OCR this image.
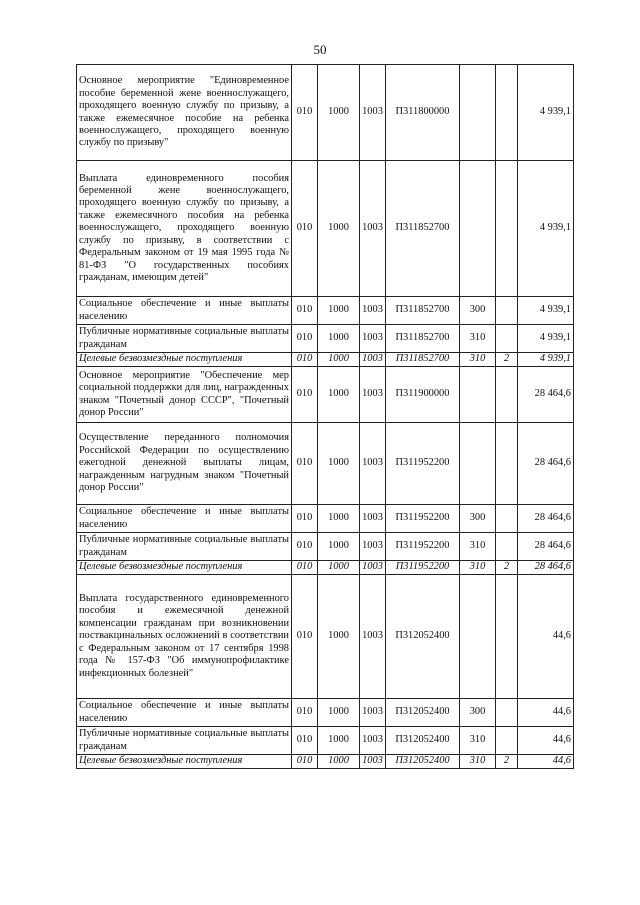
50
Основное мероприятие "Единовременное пособие беременной жене военнослужащего, проходящего военную службу по призыву, а также ежемесячное пособие на ребенка военнослужащего, проходящего военную службу по призыву"	010	1000	1003	П311800000			4 939,1
Выплата единовременного пособия беременной жене военнослужащего, проходящего военную службу по призыву, а также ежемесячного пособия на ребенка военнослужащего, проходящего военную службу по призыву, в соответствии с Федеральным законом от 19 мая 1995 года № 81-ФЗ "О государственных пособиях гражданам, имеющим детей"	010	1000	1003	П311852700			4 939,1
Социальное обеспечение и иные выплаты населению	010	1000	1003	П311852700	300		4 939,1
Публичные нормативные социальные выплаты гражданам	010	1000	1003	П311852700	310		4 939,1
Целевые безвозмездные поступления	010	1000	1003	П311852700	310	2	4 939,1
Основное мероприятие "Обеспечение мер социальной поддержки для лиц, награжденных знаком "Почетный донор СССР", "Почетный донор России"	010	1000	1003	П311900000			28 464,6
Осуществление переданного полномочия Российской Федерации по осуществлению ежегодной денежной выплаты лицам, награжденным нагрудным знаком "Почетный донор России"	010	1000	1003	П311952200			28 464,6
Социальное обеспечение и иные выплаты населению	010	1000	1003	П311952200	300		28 464,6
Публичные нормативные социальные выплаты гражданам	010	1000	1003	П311952200	310		28 464,6
Целевые безвозмездные поступления	010	1000	1003	П311952200	310	2	28 464,6
Выплата государственного единовременного пособия и ежемесячной денежной компенсации гражданам при возникновении поствакцинальных осложнений в соответствии с Федеральным законом от 17 сентября 1998 года № 157-ФЗ "Об иммунопрофилактике инфекционных болезней"	010	1000	1003	П312052400			44,6
Социальное обеспечение и иные выплаты населению	010	1000	1003	П312052400	300		44,6
Публичные нормативные социальные выплаты гражданам	010	1000	1003	П312052400	310		44,6
Целевые безвозмездные поступления	010	1000	1003	П312052400	310	2	44,6
